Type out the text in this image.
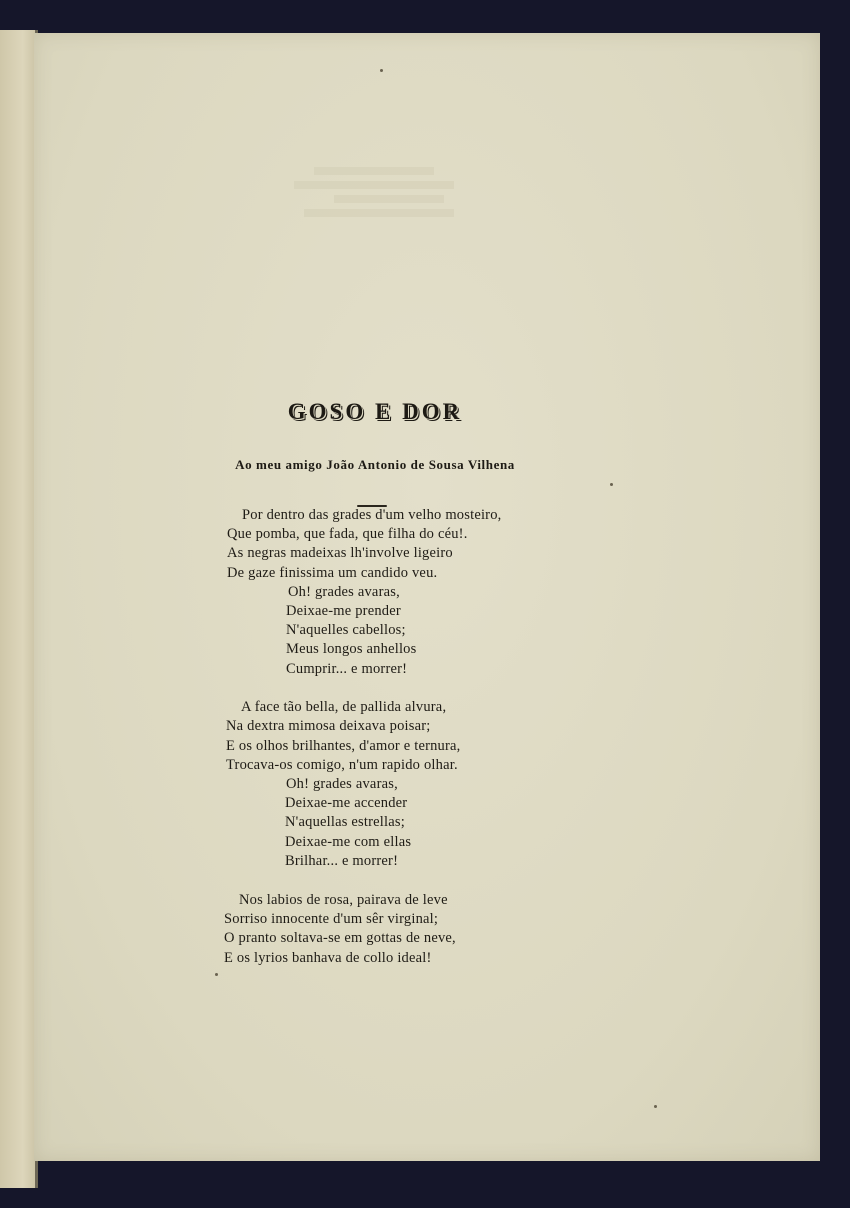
GOSO E DOR
Ao meu amigo João Antonio de Sousa Vilhena
Por dentro das grades d'um velho mosteiro,
Que pomba, que fada, que filha do céu!.
As negras madeixas lh'involve ligeiro
De gaze finissima um candido veu.
Oh! grades avaras,
Deixae-me prender
N'aquelles cabellos;
Meus longos anhellos
Cumprir... e morrer!
A face tão bella, de pallida alvura,
Na dextra mimosa deixava poisar;
E os olhos brilhantes, d'amor e ternura,
Trocava-os comigo, n'um rapido olhar.
Oh! grades avaras,
Deixae-me accender
N'aquellas estrellas;
Deixae-me com ellas
Brilhar... e morrer!
Nos labios de rosa, pairava de leve
Sorriso innocente d'um sêr virginal;
O pranto soltava-se em gottas de neve,
E os lyrios banhava de collo ideal!
